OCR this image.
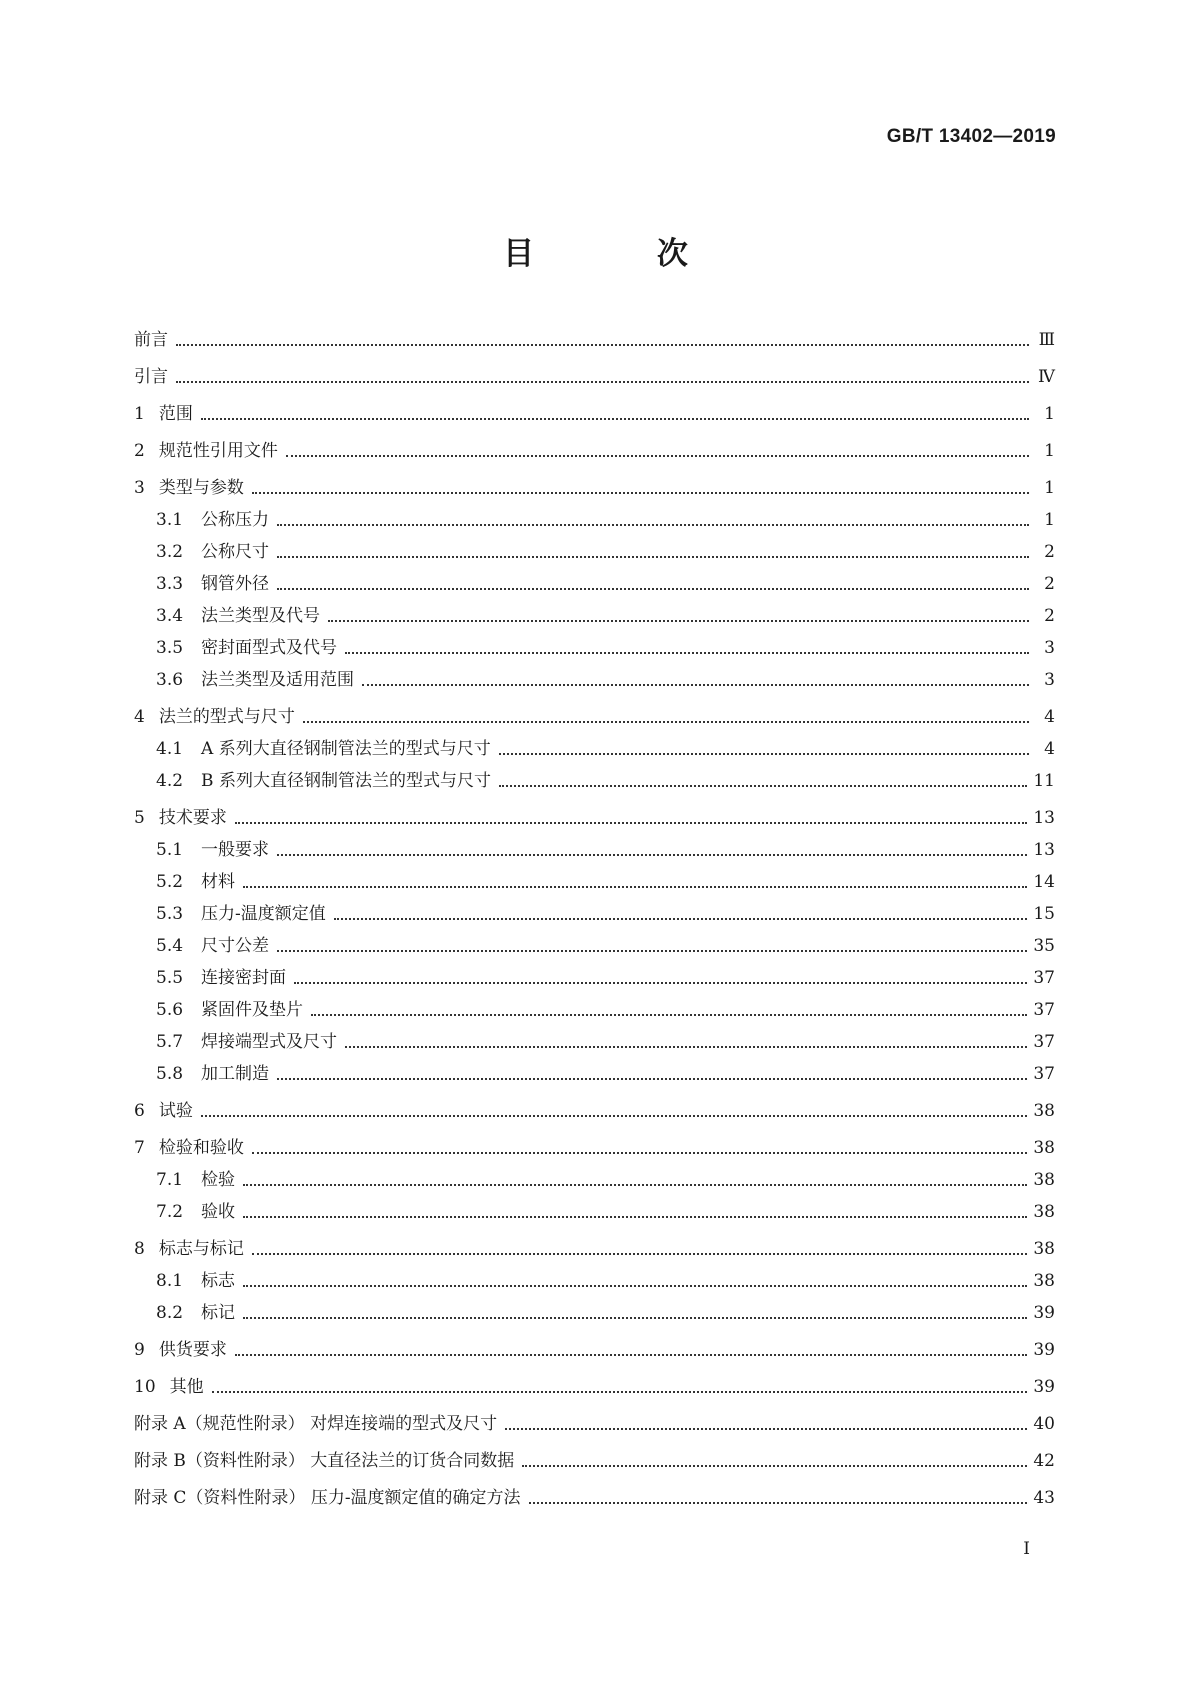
GB/T 13402—2019
目 次
前言	Ⅲ
引言	Ⅳ
1 范围	1
2 规范性引用文件	1
3 类型与参数	1
3.1 公称压力	1
3.2 公称尺寸	2
3.3 钢管外径	2
3.4 法兰类型及代号	2
3.5 密封面型式及代号	3
3.6 法兰类型及适用范围	3
4 法兰的型式与尺寸	4
4.1 A 系列大直径钢制管法兰的型式与尺寸	4
4.2 B 系列大直径钢制管法兰的型式与尺寸	11
5 技术要求	13
5.1 一般要求	13
5.2 材料	14
5.3 压力-温度额定值	15
5.4 尺寸公差	35
5.5 连接密封面	37
5.6 紧固件及垫片	37
5.7 焊接端型式及尺寸	37
5.8 加工制造	37
6 试验	38
7 检验和验收	38
7.1 检验	38
7.2 验收	38
8 标志与标记	38
8.1 标志	38
8.2 标记	39
9 供货要求	39
10 其他	39
附录 A（规范性附录） 对焊连接端的型式及尺寸	40
附录 B（资料性附录） 大直径法兰的订货合同数据	42
附录 C（资料性附录） 压力-温度额定值的确定方法	43
I
